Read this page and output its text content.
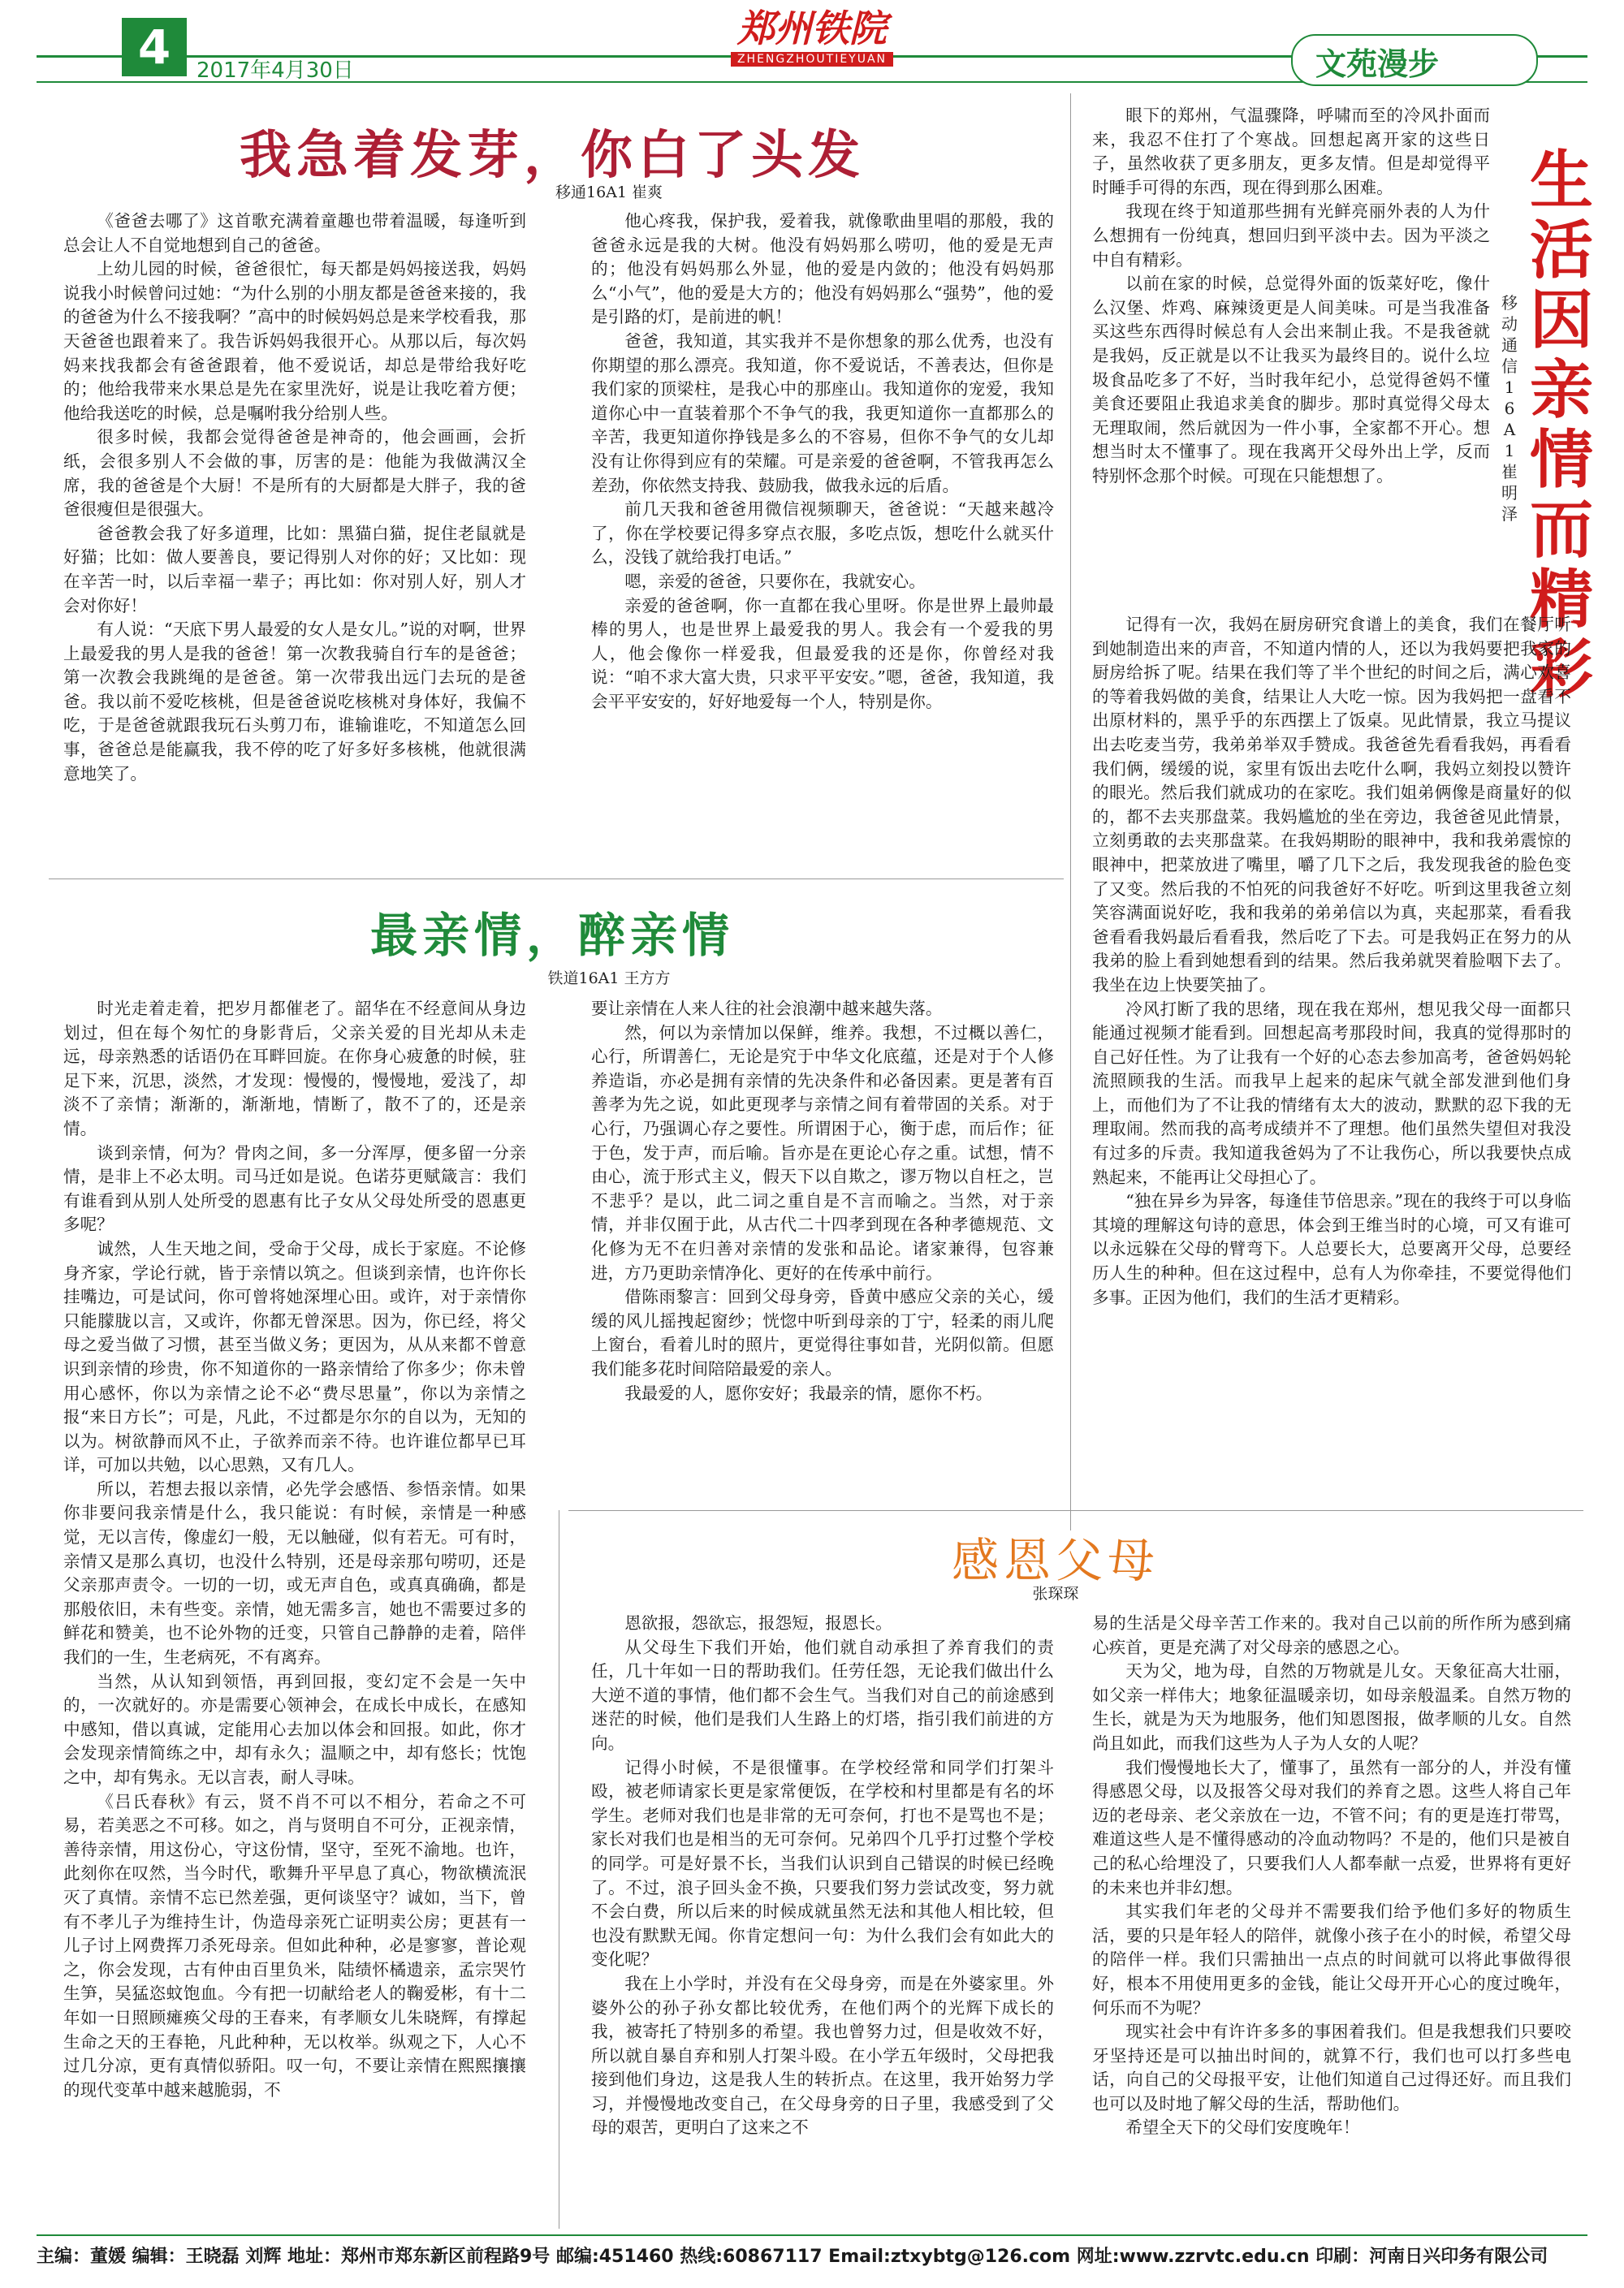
4	2017年4月30日
郑州铁院
ZHENGZHOUTIEYUAN	文苑漫步
我急着发芽，你白了头发
移通16A1 崔爽

《爸爸去哪了》这首歌充满着童趣也带着温暖，每逢听到总会让人不自觉地想到自己的爸爸。

上幼儿园的时候，爸爸很忙，每天都是妈妈接送我，妈妈说我小时候曾问过她：“为什么别的小朋友都是爸爸来接的，我的爸爸为什么不接我啊？”高中的时候妈妈总是来学校看我，那天爸爸也跟着来了。我告诉妈妈我很开心。从那以后，每次妈妈来找我都会有爸爸跟着，他不爱说话，却总是带给我好吃的；他给我带来水果总是先在家里洗好，说是让我吃着方便；他给我送吃的时候，总是嘱咐我分给别人些。

很多时候，我都会觉得爸爸是神奇的，他会画画，会折纸，会很多别人不会做的事，厉害的是：他能为我做满汉全席，我的爸爸是个大厨！不是所有的大厨都是大胖子，我的爸爸很瘦但是很强大。

爸爸教会我了好多道理，比如：黑猫白猫，捉住老鼠就是好猫；比如：做人要善良，要记得别人对你的好；又比如：现在辛苦一时，以后幸福一辈子；再比如：你对别人好，别人才会对你好！

有人说：“天底下男人最爱的女人是女儿。”说的对啊，世界上最爱我的男人是我的爸爸！第一次教我骑自行车的是爸爸；第一次教会我跳绳的是爸爸。第一次带我出远门去玩的是爸爸。我以前不爱吃核桃，但是爸爸说吃核桃对身体好，我偏不吃，于是爸爸就跟我玩石头剪刀布，谁输谁吃，不知道怎么回事，爸爸总是能赢我，我不停的吃了好多好多核桃，他就很满意地笑了。

他心疼我，保护我，爱着我，就像歌曲里唱的那般，我的爸爸永远是我的大树。他没有妈妈那么唠叨，他的爱是无声的；他没有妈妈那么外显，他的爱是内敛的；他没有妈妈那么“小气”，他的爱是大方的；他没有妈妈那么“强势”，他的爱是引路的灯，是前进的帆！

爸爸，我知道，其实我并不是你想象的那么优秀，也没有你期望的那么漂亮。我知道，你不爱说话，不善表达，但你是我们家的顶梁柱，是我心中的那座山。我知道你的宠爱，我知道你心中一直装着那个不争气的我，我更知道你一直都那么的辛苦，我更知道你挣钱是多么的不容易，但你不争气的女儿却没有让你得到应有的荣耀。可是亲爱的爸爸啊，不管我再怎么差劲，你依然支持我、鼓励我，做我永远的后盾。

前几天我和爸爸用微信视频聊天，爸爸说：“天越来越冷了，你在学校要记得多穿点衣服，多吃点饭，想吃什么就买什么，没钱了就给我打电话。”

嗯，亲爱的爸爸，只要你在，我就安心。

亲爱的爸爸啊，你一直都在我心里呀。你是世界上最帅最棒的男人，也是世界上最爱我的男人。我会有一个爱我的男人，他会像你一样爱我，但最爱我的还是你，你曾经对我说：“咱不求大富大贵，只求平平安安。”嗯，爸爸，我知道，我会平平安安的，好好地爱每一个人，特别是你。

最亲情，醉亲情
铁道16A1 王方方

时光走着走着，把岁月都催老了。韶华在不经意间从身边划过，但在每个匆忙的身影背后，父亲关爱的目光却从未走远，母亲熟悉的话语仍在耳畔回旋。在你身心疲惫的时候，驻足下来，沉思，淡然，才发现：慢慢的，慢慢地，爱浅了，却淡不了亲情；渐渐的，渐渐地，情断了，散不了的，还是亲情。

谈到亲情，何为？骨肉之间，多一分浑厚，便多留一分亲情，是非上不必太明。司马迁如是说。色诺芬更赋箴言：我们有谁看到从别人处所受的恩惠有比子女从父母处所受的恩惠更多呢？

诚然，人生天地之间，受命于父母，成长于家庭。不论修身齐家，学论行就，皆于亲情以筑之。但谈到亲情，也许你长挂嘴边，可是试问，你可曾将她深埋心田。或许，对于亲情你只能朦胧以言，又或许，你都无曾深思。因为，你已经，将父母之爱当做了习惯，甚至当做义务；更因为，从从来都不曾意识到亲情的珍贵，你不知道你的一路亲情给了你多少；你未曾用心感怀，你以为亲情之论不必“费尽思量”，你以为亲情之报“来日方长”；可是，凡此，不过都是尔尔的自以为，无知的以为。树欲静而风不止，子欲养而亲不待。也许谁位都早已耳详，可加以共勉，以心思熟，又有几人。

所以，若想去报以亲情，必先学会感悟、参悟亲情。如果你非要问我亲情是什么，我只能说：有时候，亲情是一种感觉，无以言传，像虚幻一般，无以触碰，似有若无。可有时，亲情又是那么真切，也没什么特别，还是母亲那句唠叨，还是父亲那声责令。一切的一切，或无声自色，或真真确确，都是那般依旧，未有些变。亲情，她无需多言，她也不需要过多的鲜花和赞美，也不论外物的迁变，只管自己静静的走着，陪伴我们的一生，生老病死，不有离弃。

当然，从认知到领悟，再到回报，变幻定不会是一矢中的，一次就好的。亦是需要心领神会，在成长中成长，在感知中感知，借以真诚，定能用心去加以体会和回报。如此，你才会发现亲情简练之中，却有永久；温顺之中，却有悠长；忱饱之中，却有隽永。无以言表，耐人寻味。

《吕氏春秋》有云，贤不肖不可以不相分，若命之不可易，若美恶之不可移。如之，肖与贤明自不可分，正视亲情，善待亲情，用这份心，守这份情，坚守，至死不渝地。也许，此刻你在叹然，当今时代，歌舞升平早息了真心，物欲横流泯灭了真情。亲情不忘已然差强，更何谈坚守？诚如，当下，曾有不孝儿子为维持生计，伪造母亲死亡证明卖公房；更甚有一儿子讨上网费挥刀杀死母亲。但如此种种，必是寥寥，普论观之，你会发现，古有仲由百里负米，陆绩怀橘遗亲，孟宗哭竹生笋，吴猛恣蚊饱血。今有把一切献给老人的鞠爱彬，有十二年如一日照顾瘫痪父母的王春来，有孝顺女儿朱晓辉，有撑起生命之天的王春艳，凡此种种，无以枚举。纵观之下，人心不过几分凉，更有真情似骄阳。叹一句，不要让亲情在熙熙攘攘的现代变革中越来越脆弱，不

要让亲情在人来人往的社会浪潮中越来越失落。

然，何以为亲情加以保鲜，维养。我想，不过概以善仁，心行，所谓善仁，无论是究于中华文化底蕴，还是对于个人修养造诣，亦必是拥有亲情的先决条件和必备因素。更是著有百善孝为先之说，如此更现孝与亲情之间有着带固的关系。对于心行，乃强调心存之要性。所谓困于心，衡于虑，而后作；征于色，发于声，而后喻。旨亦是在更论心存之重。试想，情不由心，流于形式主义，假天下以自欺之，谬万物以自枉之，岂不悲乎？是以，此二词之重自是不言而喻之。当然，对于亲情，并非仅囿于此，从古代二十四孝到现在各种孝德规范、文化修为无不在归善对亲情的发张和品论。诸家兼得，包容兼进，方乃更助亲情净化、更好的在传承中前行。

借陈雨黎言：回到父母身旁，昏黄中感应父亲的关心，缓缓的风儿摇拽起窗纱；恍惚中听到母亲的丁宁，轻柔的雨儿爬上窗台，看着儿时的照片，更觉得往事如昔，光阴似箭。但愿我们能多花时间陪陪最爱的亲人。

我最爱的人，愿你安好；我最亲的情，愿你不朽。

生
活
因
亲
情
而
精
彩
移
动
通
信
1
6
A
1
崔
明
泽

眼下的郑州，气温骤降，呼啸而至的冷风扑面而来，我忍不住打了个寒战。回想起离开家的这些日子，虽然收获了更多朋友，更多友情。但是却觉得平时睡手可得的东西，现在得到那么困难。

我现在终于知道那些拥有光鲜亮丽外表的人为什么想拥有一份纯真，想回归到平淡中去。因为平淡之中自有精彩。

以前在家的时候，总觉得外面的饭菜好吃，像什么汉堡、炸鸡、麻辣烫更是人间美味。可是当我准备买这些东西得时候总有人会出来制止我。不是我爸就是我妈，反正就是以不让我买为最终目的。说什么垃圾食品吃多了不好，当时我年纪小，总觉得爸妈不懂美食还要阻止我追求美食的脚步。那时真觉得父母太无理取闹，然后就因为一件小事，全家都不开心。想想当时太不懂事了。现在我离开父母外出上学，反而特别怀念那个时候。可现在只能想想了。

记得有一次，我妈在厨房研究食谱上的美食，我们在餐厅听到她制造出来的声音，不知道内情的人，还以为我妈要把我家的厨房给拆了呢。结果在我们等了半个世纪的时间之后，满心欢喜的等着我妈做的美食，结果让人大吃一惊。因为我妈把一盘看不出原材料的，黑乎乎的东西摆上了饭桌。见此情景，我立马提议出去吃麦当劳，我弟弟举双手赞成。我爸爸先看看我妈，再看看我们俩，缓缓的说，家里有饭出去吃什么啊，我妈立刻投以赞许的眼光。然后我们就成功的在家吃。我们姐弟俩像是商量好的似的，都不去夹那盘菜。我妈尴尬的坐在旁边，我爸爸见此情景，立刻勇敢的去夹那盘菜。在我妈期盼的眼神中，我和我弟震惊的眼神中，把菜放进了嘴里，嚼了几下之后，我发现我爸的脸色变了又变。然后我的不怕死的问我爸好不好吃。听到这里我爸立刻笑容满面说好吃，我和我弟的弟弟信以为真，夹起那菜，看看我爸看看我妈最后看看我，然后吃了下去。可是我妈正在努力的从我弟的脸上看到她想看到的结果。然后我弟就哭着脸咽下去了。我坐在边上快要笑抽了。

冷风打断了我的思绪，现在我在郑州，想见我父母一面都只能通过视频才能看到。回想起高考那段时间，我真的觉得那时的自己好任性。为了让我有一个好的心态去参加高考，爸爸妈妈轮流照顾我的生活。而我早上起来的起床气就全部发泄到他们身上，而他们为了不让我的情绪有太大的波动，默默的忍下我的无理取闹。然而我的高考成绩并不了理想。他们虽然失望但对我没有过多的斥责。我知道我爸妈为了不让我伤心，所以我要快点成熟起来，不能再让父母担心了。

“独在异乡为异客，每逢佳节倍思亲。”现在的我终于可以身临其境的理解这句诗的意思，体会到王维当时的心境，可又有谁可以永远躲在父母的臂弯下。人总要长大，总要离开父母，总要经历人生的种种。但在这过程中，总有人为你牵挂，不要觉得他们多事。正因为他们，我们的生活才更精彩。

感恩父母
张琛琛

恩欲报，怨欲忘，报怨短，报恩长。

从父母生下我们开始，他们就自动承担了养育我们的责任，几十年如一日的帮助我们。任劳任怨，无论我们做出什么大逆不道的事情，他们都不会生气。当我们对自己的前途感到迷茫的时候，他们是我们人生路上的灯塔，指引我们前进的方向。

记得小时候，不是很懂事。在学校经常和同学们打架斗殴，被老师请家长更是家常便饭，在学校和村里都是有名的坏学生。老师对我们也是非常的无可奈何，打也不是骂也不是；家长对我们也是相当的无可奈何。兄弟四个几乎打过整个学校的同学。可是好景不长，当我们认识到自己错误的时候已经晚了。不过，浪子回头金不换，只要我们努力尝试改变，努力就不会白费，所以后来的时候成就虽然无法和其他人相比较，但也没有默默无闻。你肯定想问一句：为什么我们会有如此大的变化呢？

我在上小学时，并没有在父母身旁，而是在外婆家里。外婆外公的孙子孙女都比较优秀，在他们两个的光辉下成长的我，被寄托了特别多的希望。我也曾努力过，但是收效不好，所以就自暴自弃和别人打架斗殴。在小学五年级时，父母把我接到他们身边，这是我人生的转折点。在这里，我开始努力学习，并慢慢地改变自己，在父母身旁的日子里，我感受到了父母的艰苦，更明白了这来之不

易的生活是父母辛苦工作来的。我对自己以前的所作所为感到痛心疾首，更是充满了对父母亲的感恩之心。

天为父，地为母，自然的万物就是儿女。天象征高大壮丽，如父亲一样伟大；地象征温暖亲切，如母亲般温柔。自然万物的生长，就是为天为地服务，他们知恩图报，做孝顺的儿女。自然尚且如此，而我们这些为人子为人女的人呢？

我们慢慢地长大了，懂事了，虽然有一部分的人，并没有懂得感恩父母，以及报答父母对我们的养育之恩。这些人将自己年迈的老母亲、老父亲放在一边，不管不问；有的更是连打带骂，难道这些人是不懂得感动的冷血动物吗？不是的，他们只是被自己的私心给埋没了，只要我们人人都奉献一点爱，世界将有更好的未来也并非幻想。

其实我们年老的父母并不需要我们给予他们多好的物质生活，要的只是年轻人的陪伴，就像小孩子在小的时候，希望父母的陪伴一样。我们只需抽出一点点的时间就可以将此事做得很好，根本不用使用更多的金钱，能让父母开开心心的度过晚年，何乐而不为呢？

现实社会中有许许多多的事困着我们。但是我想我们只要咬牙坚持还是可以抽出时间的，就算不行，我们也可以打多些电话，向自己的父母报平安，让他们知道自己过得还好。而且我们也可以及时地了解父母的生活，帮助他们。

希望全天下的父母们安度晚年！

主编：董媛 编辑：王晓磊 刘辉 地址：郑州市郑东新区前程路9号 邮编:451460 热线:60867117 Email:ztxybtg@126.com 网址:www.zzrvtc.edu.cn 印刷：河南日兴印务有限公司
